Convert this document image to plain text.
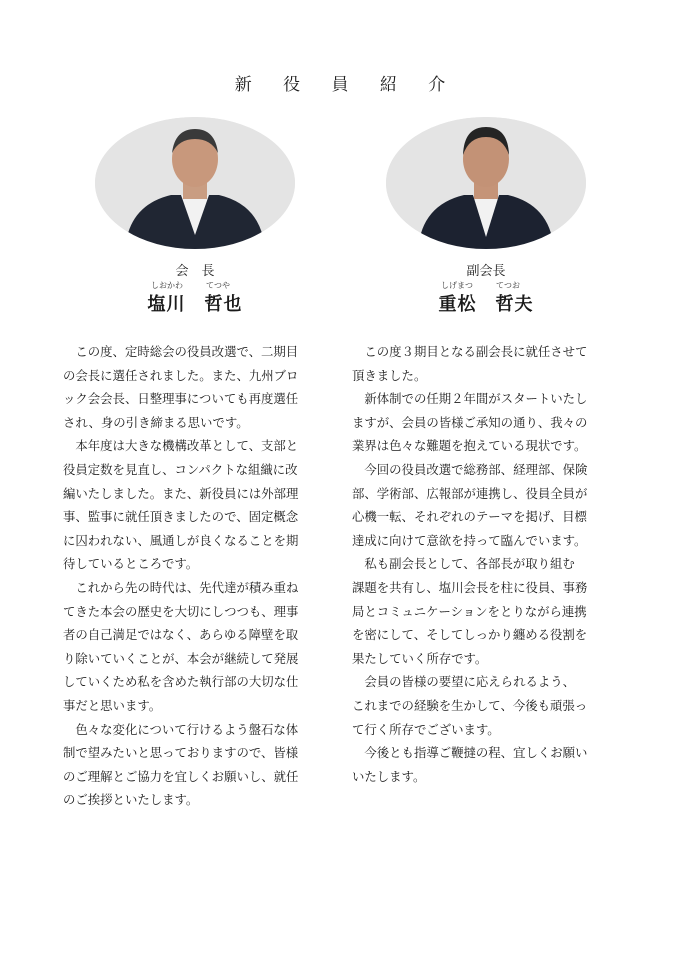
新 役 員 紹 介
会　長	副会長
しおかわ	てつや
塩川　哲也
しげまつ	てつお
重松　哲夫

　この度、定時総会の役員改選で、二期目
の会長に選任されました。また、九州ブロ
ック会会長、日整理事についても再度選任
され、身の引き締まる思いです。

　本年度は大きな機構改革として、支部と
役員定数を見直し、コンパクトな組織に改
編いたしました。また、新役員には外部理
事、監事に就任頂きましたので、固定概念
に囚われない、風通しが良くなることを期
待しているところです。

　これから先の時代は、先代達が積み重ね
てきた本会の歴史を大切にしつつも、理事
者の自己満足ではなく、あらゆる障壁を取
り除いていくことが、本会が継続して発展
していくため私を含めた執行部の大切な仕
事だと思います。

　色々な変化について行けるよう盤石な体
制で望みたいと思っておりますので、皆様
のご理解とご協力を宜しくお願いし、就任
のご挨拶といたします。

　この度３期目となる副会長に就任させて
頂きました。

　新体制での任期２年間がスタートいたし
ますが、会員の皆様ご承知の通り、我々の
業界は色々な難題を抱えている現状です。

　今回の役員改選で総務部、経理部、保険
部、学術部、広報部が連携し、役員全員が
心機一転、それぞれのテーマを掲げ、目標
達成に向けて意欲を持って臨んでいます。

　私も副会長として、各部長が取り組む
課題を共有し、塩川会長を柱に役員、事務
局とコミュニケーションをとりながら連携
を密にして、そしてしっかり纏める役割を
果たしていく所存です。

　会員の皆様の要望に応えられるよう、
これまでの経験を生かして、今後も頑張っ
て行く所存でございます。

　今後とも指導ご鞭撻の程、宜しくお願い
いたします。
